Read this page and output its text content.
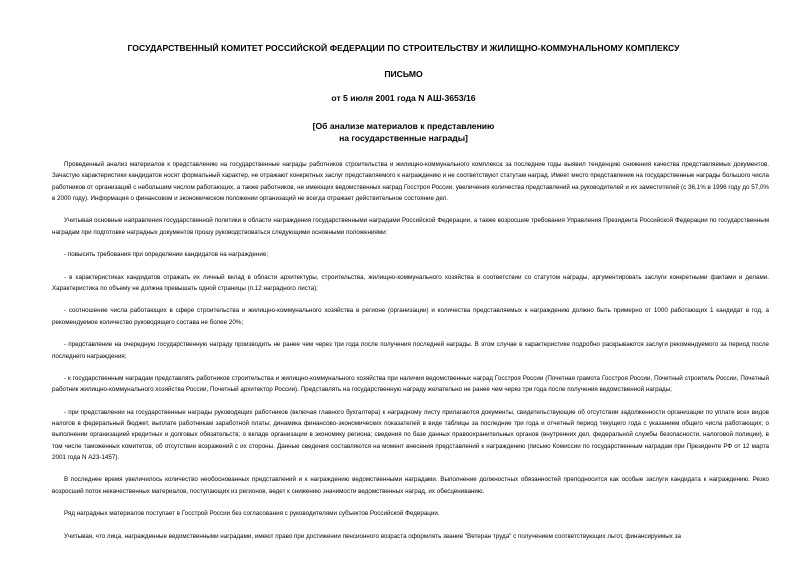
ГОСУДАРСТВЕННЫЙ КОМИТЕТ РОССИЙСКОЙ ФЕДЕРАЦИИ ПО СТРОИТЕЛЬСТВУ И ЖИЛИЩНО-КОММУНАЛЬНОМУ КОМПЛЕКСУ
ПИСЬМО
от 5 июля 2001 года N АШ-3653/16
[Об анализе материалов к представлению
на государственные награды]

Проведенный анализ материалов к представлению на государственные награды работников строительства и жилищно-коммунального комплекса за последние годы выявил тенденцию снижения качества представляемых документов. Зачастую характеристики кандидатов носят формальный характер, не отражают конкретных заслуг представляемого к награждению и не соответствуют статутам наград. Имеет место представление на государственные награды большого числа работников от организаций с небольшим числом работающих, а также работников, не имеющих ведомственных наград Госстроя России, увеличения количества представлений на руководителей и их заместителей (с 36,1% в 1996 году до 57,0% в 2000 году). Информация о финансовом и экономическом положении организаций не всегда отражает действительное состояние дел.

Учитывая основные направления государственной политики в области награждения государственными наградами Российской Федерации, а также возросшие требования Управления Президента Российской Федерации по государственным наградам при подготовке наградных документов прошу руководствоваться следующими основными положениями:

- повысить требования при определении кандидатов на награждение;

- в характеристиках кандидатов отражать их личный вклад в области архитектуры, строительства, жилищно-коммунального хозяйства в соответствии со статутом награды, аргументировать заслуги конкретными фактами и делами. Характеристика по объему не должна превышать одной страницы (п.12 наградного листа);

- соотношение числа работающих в сфере строительства и жилищно-коммунального хозяйства в регионе (организации) и количества представляемых к награждению должно быть примерно от 1000 работающих 1 кандидат в год, а рекомендуемое количество руководящего состава не более 20%;

- представление на очередную государственную награду производить не ранее чем через три года после получения последней награды. В этом случае в характеристике подробно раскрываются заслуги рекомендуемого за период после последнего награждения;

- к государственным наградам представлять работников строительства и жилищно-коммунального хозяйства при наличии ведомственных наград Госстроя России (Почетная грамота Госстроя России, Почетный строитель России, Почетный работник жилищно-коммунального хозяйства России, Почетный архитектор России). Представлять на государственную награду желательно не ранее чем через три года после получения ведомственной награды;

- при представлении на государственные награды руководящих работников (включая главного бухгалтера) к наградному листу прилагаются документы, свидетельствующие об отсутствии задолженности организации по уплате всех видов налогов в федеральный бюджет, выплате работникам заработной платы; динамика финансово-экономических показателей в виде таблицы за последние три года и отчетный период текущего года с указанием общего числа работающих; о выполнении организацией кредитных и долговых обязательств; о вкладе организации в экономику региона; сведения по базе данных правоохранительных органов (внутренних дел, федеральной службы безопасности, налоговой полиции), в том числе таможенных комитетов, об отсутствии возражений с их стороны. Данные сведения составляются на момент внесения представлений к награждению (письмо Комиссии по государственным наградам при Президенте РФ от 12 марта 2001 года N А23-1457).

В последнее время увеличилось количество необоснованных представлений и к награждению ведомственными наградами. Выполнение должностных обязанностей преподносится как особые заслуги кандидата к награждению. Резко возросший поток некачественных материалов, поступающих из регионов, ведет к снижению значимости ведомственных наград, их обесцениванию.

Ряд наградных материалов поступает в Госстрой России без согласования с руководителями субъектов Российской Федерации.

Учитывая, что лица, награжденные ведомственными наградами, имеют право при достижении пенсионного возраста оформлять звание "Ветеран труда" с получением соответствующих льгот, финансируемых за
